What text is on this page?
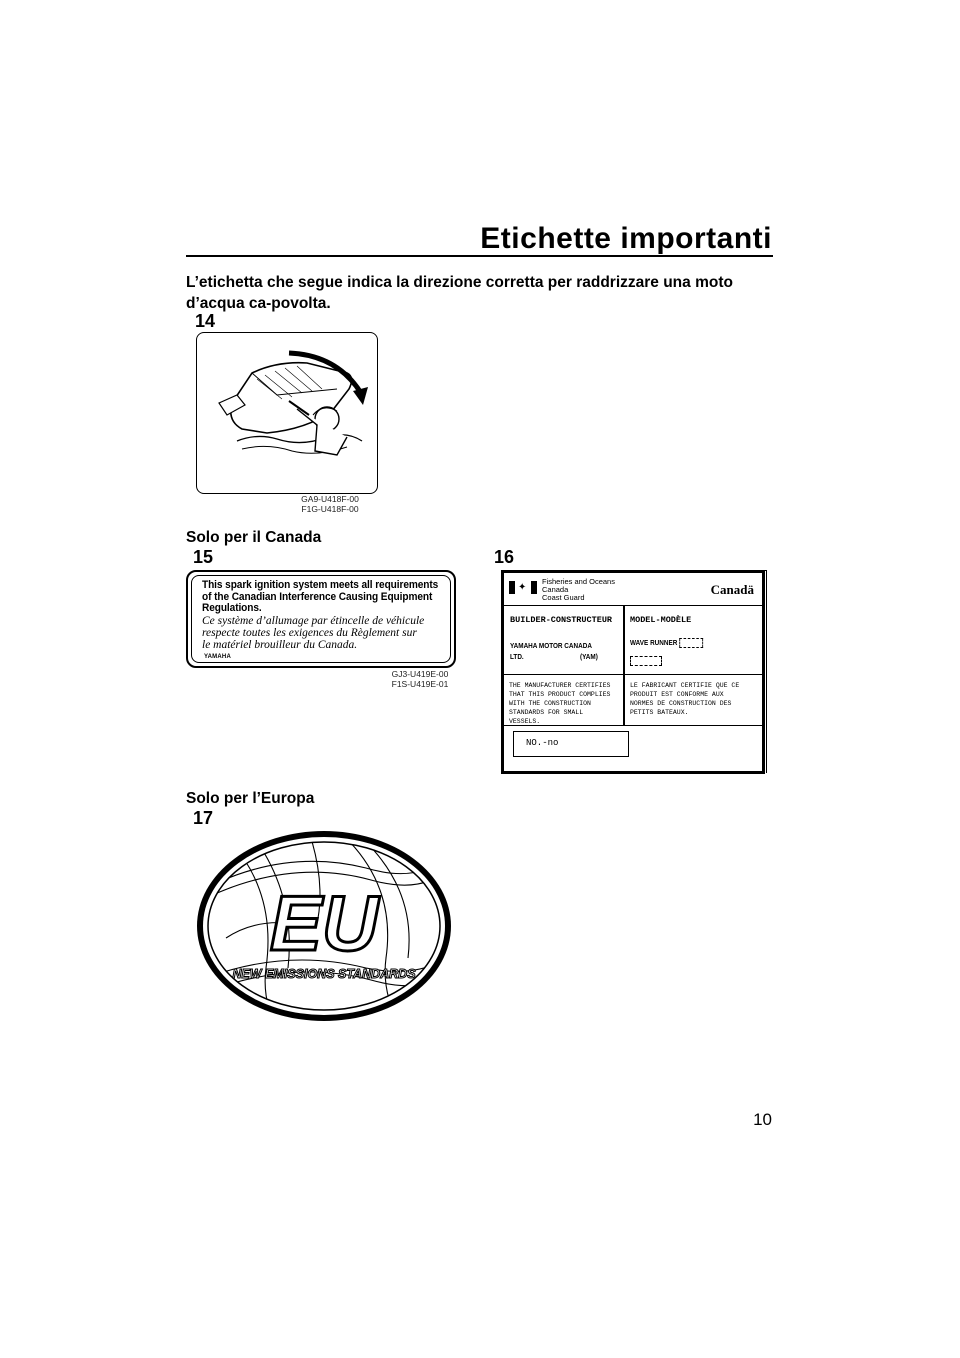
Etichette importanti
L’etichetta che segue indica la direzione corretta per raddrizzare una moto d’acqua ca-povolta.
14
GA9-U418F-00
F1G-U418F-00
Solo per il Canada
15	16
This spark ignition system meets all requirements
of the Canadian Interference Causing Equipment
Regulations.
Ce système d’allumage par étincelle de véhicule
respecte toutes les exigences du Règlement sur
le matériel brouilleur du Canada.
YAMAHA
GJ3-U419E-00
F1S-U419E-01
✦
Fisheries and Oceans
Canada
Coast Guard
Canadä
BUILDER-CONSTRUCTEUR MODEL-MODÈLE
YAMAHA MOTOR CANADA
LTD.	(YAM)
WAVE RUNNER
THE MANUFACTURER CERTIFIES
THAT THIS PRODUCT COMPLIES
WITH THE CONSTRUCTION
STANDARDS FOR SMALL
VESSELS.
LE FABRICANT CERTIFIE QUE CE
PRODUIT EST CONFORME AUX
NORMES DE CONSTRUCTION DES
PETITS BATEAUX.
NO.-no
Solo per l’Europa
17
EU
NEW EMISSIONS STANDARDS
10
